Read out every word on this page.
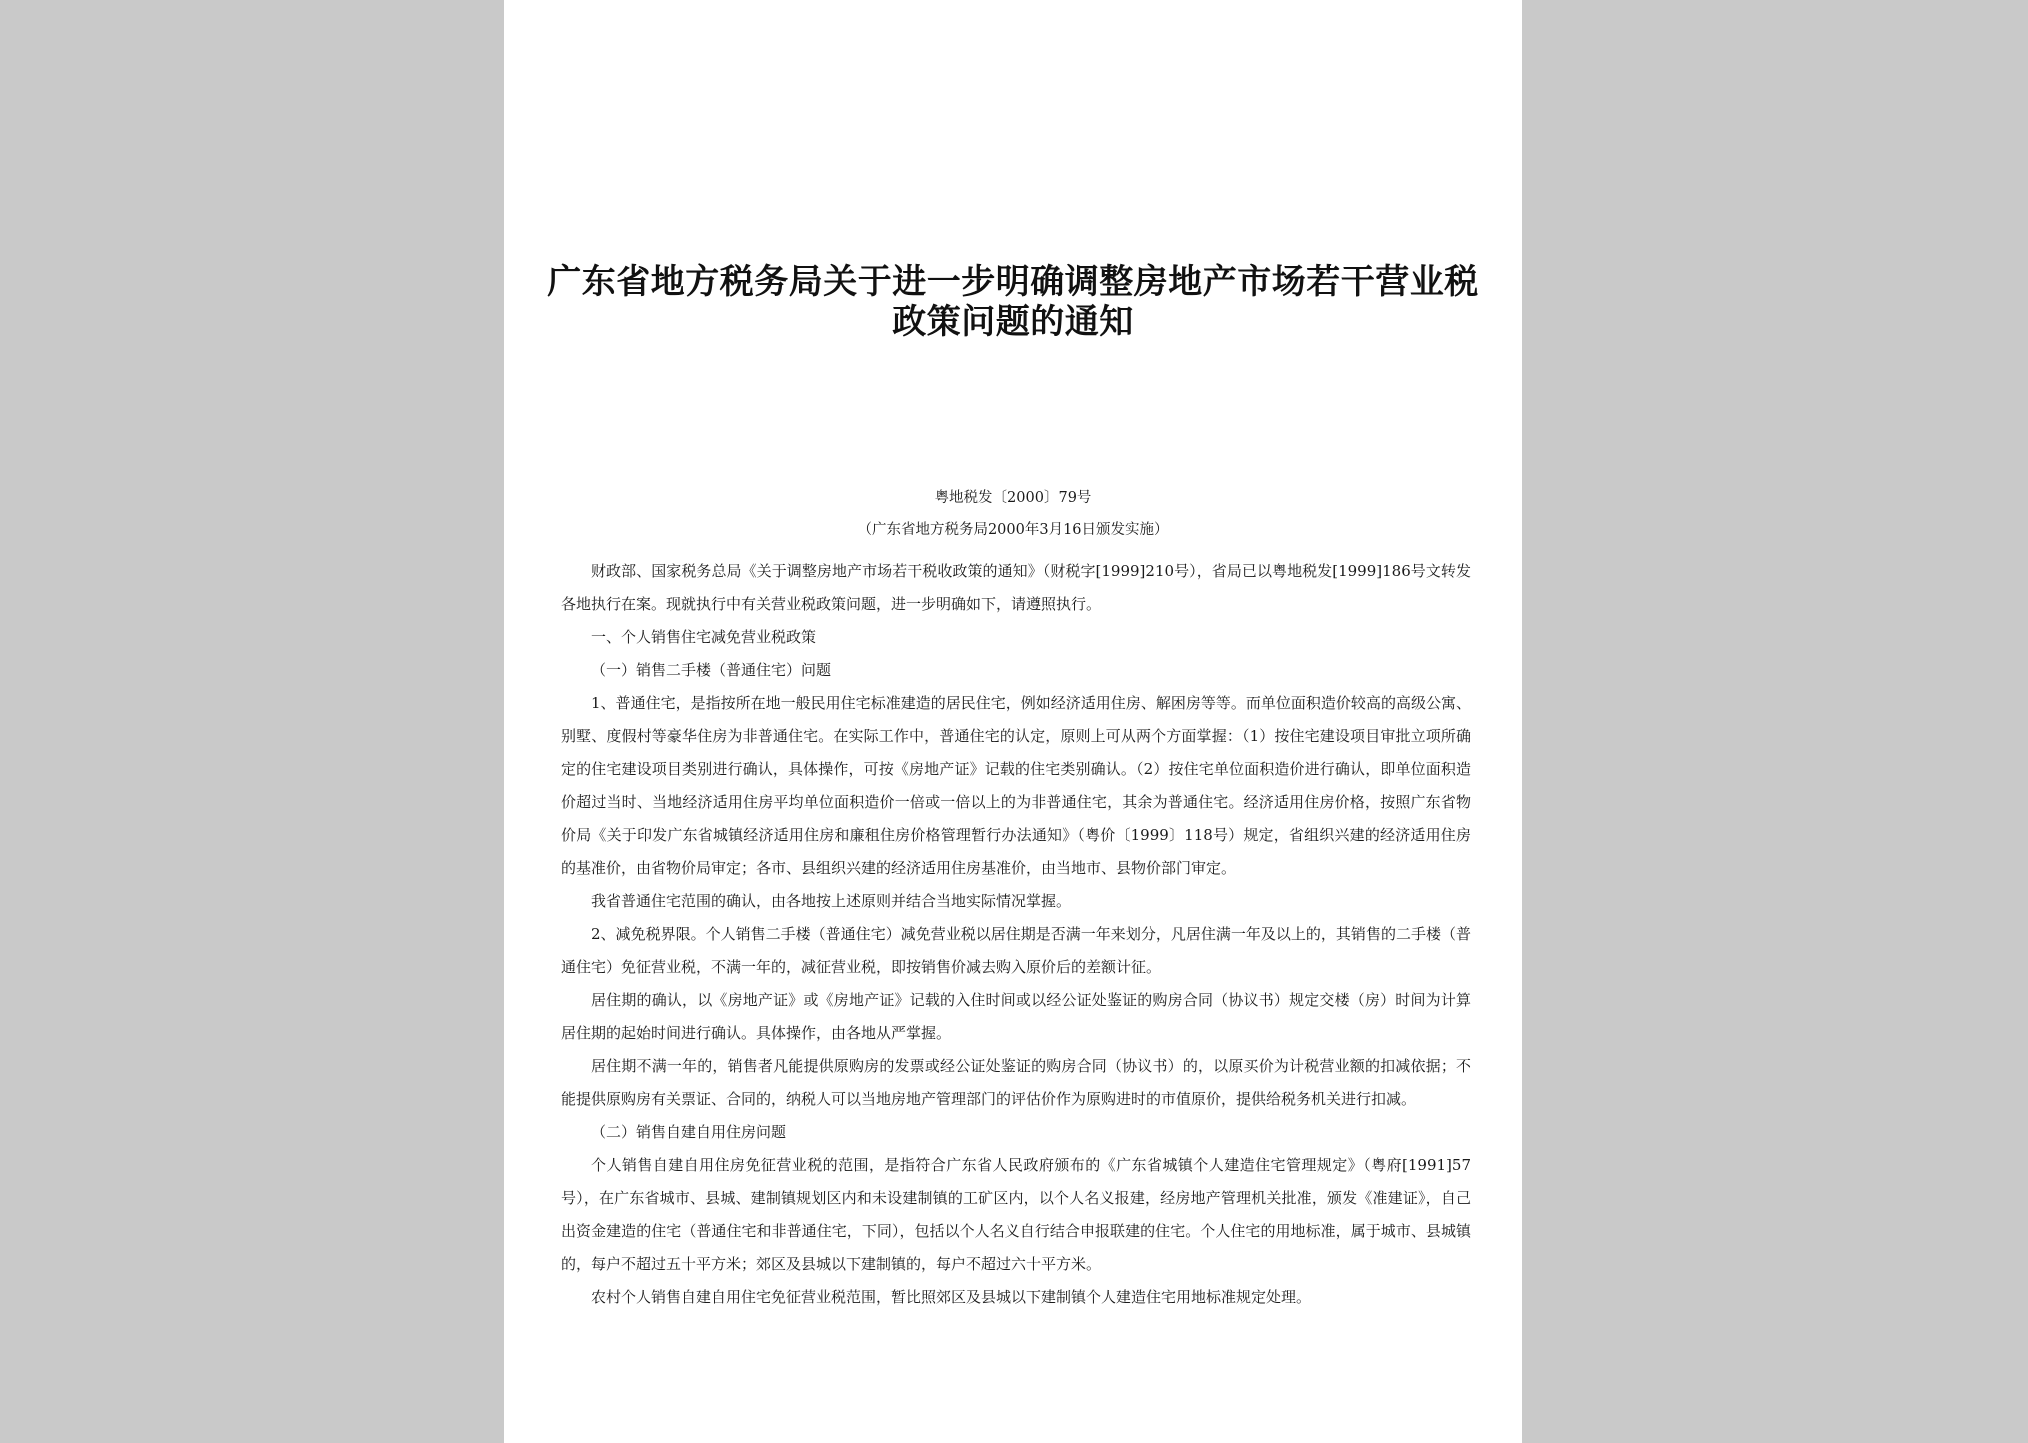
广东省地方税务局关于进一步明确调整房地产市场若干营业税政策问题的通知
粤地税发〔2000〕79号
（广东省地方税务局2000年3月16日颁发实施）

财政部、国家税务总局《关于调整房地产市场若干税收政策的通知》（财税字[1999]210号），省局已以粤地税发[1999]186号文转发各地执行在案。现就执行中有关营业税政策问题，进一步明确如下，请遵照执行。

一、个人销售住宅减免营业税政策

（一）销售二手楼（普通住宅）问题

1、普通住宅，是指按所在地一般民用住宅标准建造的居民住宅，例如经济适用住房、解困房等等。而单位面积造价较高的高级公寓、别墅、度假村等豪华住房为非普通住宅。在实际工作中，普通住宅的认定，原则上可从两个方面掌握：（1）按住宅建设项目审批立项所确定的住宅建设项目类别进行确认，具体操作，可按《房地产证》记载的住宅类别确认。（2）按住宅单位面积造价进行确认，即单位面积造价超过当时、当地经济适用住房平均单位面积造价一倍或一倍以上的为非普通住宅，其余为普通住宅。经济适用住房价格，按照广东省物价局《关于印发广东省城镇经济适用住房和廉租住房价格管理暂行办法通知》（粤价〔1999〕118号）规定，省组织兴建的经济适用住房的基准价，由省物价局审定；各市、县组织兴建的经济适用住房基准价，由当地市、县物价部门审定。

我省普通住宅范围的确认，由各地按上述原则并结合当地实际情况掌握。

2、减免税界限。个人销售二手楼（普通住宅）减免营业税以居住期是否满一年来划分，凡居住满一年及以上的，其销售的二手楼（普通住宅）免征营业税，不满一年的，减征营业税，即按销售价减去购入原价后的差额计征。

居住期的确认，以《房地产证》或《房地产证》记载的入住时间或以经公证处鉴证的购房合同（协议书）规定交楼（房）时间为计算居住期的起始时间进行确认。具体操作，由各地从严掌握。

居住期不满一年的，销售者凡能提供原购房的发票或经公证处鉴证的购房合同（协议书）的，以原买价为计税营业额的扣减依据；不能提供原购房有关票证、合同的，纳税人可以当地房地产管理部门的评估价作为原购进时的市值原价，提供给税务机关进行扣减。

（二）销售自建自用住房问题

个人销售自建自用住房免征营业税的范围，是指符合广东省人民政府颁布的《广东省城镇个人建造住宅管理规定》（粤府[1991]57号），在广东省城市、县城、建制镇规划区内和未设建制镇的工矿区内，以个人名义报建，经房地产管理机关批准，颁发《准建证》，自己出资金建造的住宅（普通住宅和非普通住宅，下同），包括以个人名义自行结合申报联建的住宅。个人住宅的用地标准，属于城市、县城镇的，每户不超过五十平方米；郊区及县城以下建制镇的，每户不超过六十平方米。

农村个人销售自建自用住宅免征营业税范围，暂比照郊区及县城以下建制镇个人建造住宅用地标准规定处理。
